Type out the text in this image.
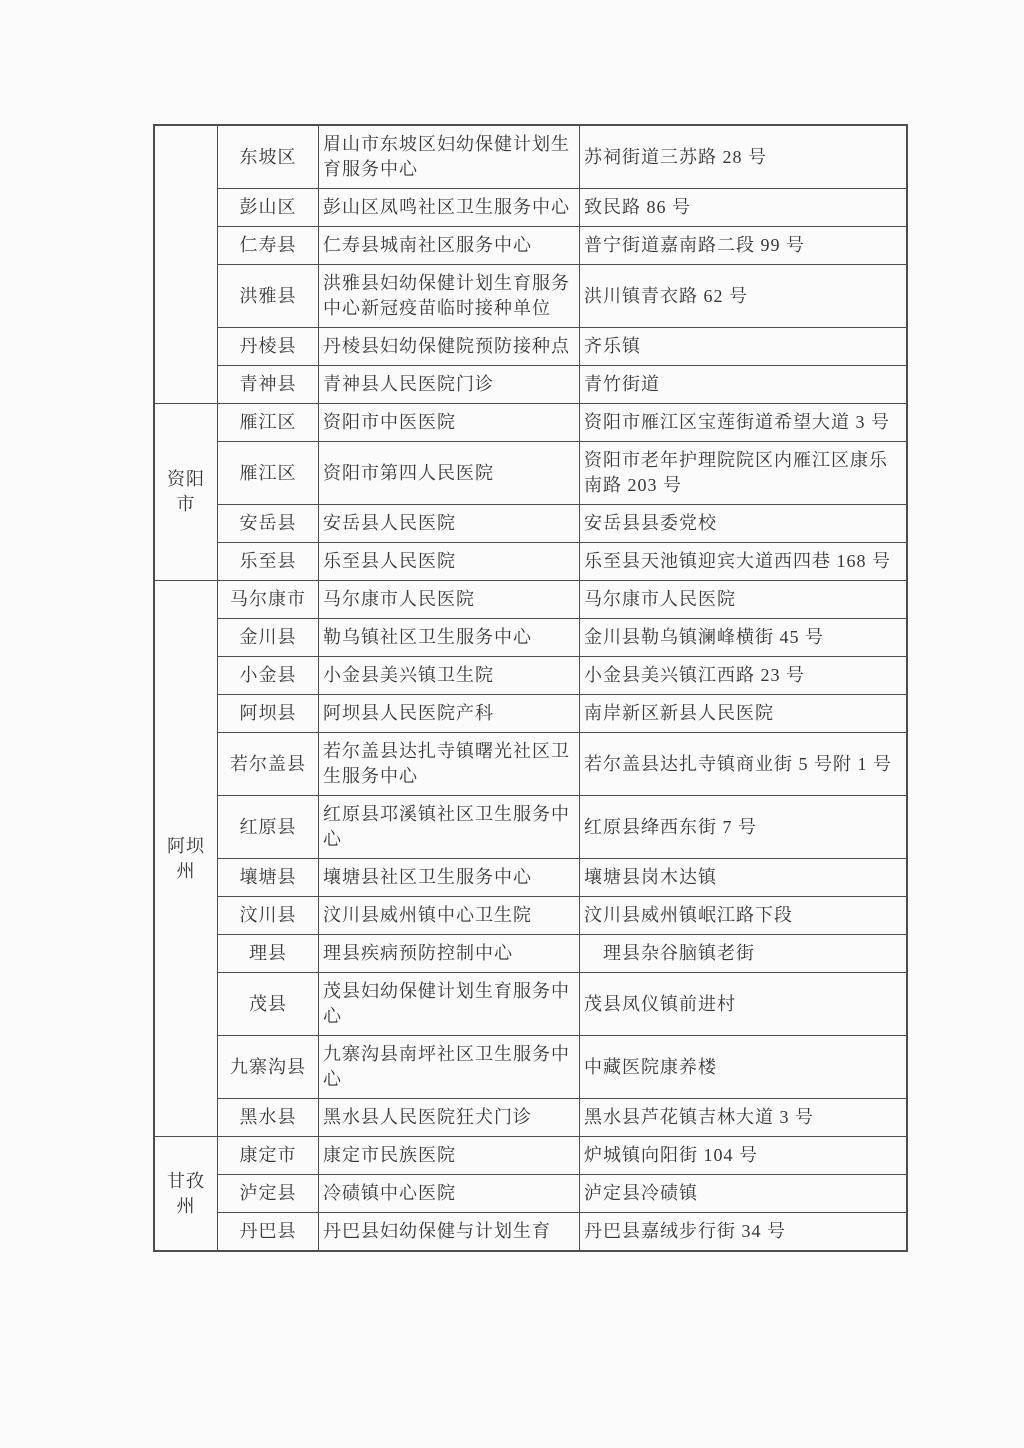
	东坡区	眉山市东坡区妇幼保健计划生育服务中心	苏祠街道三苏路 28 号
	彭山区	彭山区凤鸣社区卫生服务中心	致民路 86 号
	仁寿县	仁寿县城南社区服务中心	普宁街道嘉南路二段 99 号
	洪雅县	洪雅县妇幼保健计划生育服务中心新冠疫苗临时接种单位	洪川镇青衣路 62 号
	丹棱县	丹棱县妇幼保健院预防接种点	齐乐镇
	青神县	青神县人民医院门诊	青竹街道
资阳市	雁江区	资阳市中医医院	资阳市雁江区宝莲街道希望大道 3 号
	雁江区	资阳市第四人民医院	资阳市老年护理院院区内雁江区康乐南路 203 号
	安岳县	安岳县人民医院	安岳县县委党校
	乐至县	乐至县人民医院	乐至县天池镇迎宾大道西四巷 168 号
阿坝州	马尔康市	马尔康市人民医院	马尔康市人民医院
	金川县	勒乌镇社区卫生服务中心	金川县勒乌镇澜峰横街 45 号
	小金县	小金县美兴镇卫生院	小金县美兴镇江西路 23 号
	阿坝县	阿坝县人民医院产科	南岸新区新县人民医院
	若尔盖县	若尔盖县达扎寺镇曙光社区卫生服务中心	若尔盖县达扎寺镇商业街 5 号附 1 号
	红原县	红原县邛溪镇社区卫生服务中心	红原县绛西东街 7 号
	壤塘县	壤塘县社区卫生服务中心	壤塘县岗木达镇
	汶川县	汶川县威州镇中心卫生院	汶川县威州镇岷江路下段
	理县	理县疾病预防控制中心	　理县杂谷脑镇老街
	茂县	茂县妇幼保健计划生育服务中心	茂县凤仪镇前进村
	九寨沟县	九寨沟县南坪社区卫生服务中心	中藏医院康养楼
	黑水县	黑水县人民医院狂犬门诊	黑水县芦花镇吉林大道 3 号
甘孜州	康定市	康定市民族医院	炉城镇向阳街 104 号
	泸定县	冷碛镇中心医院	泸定县冷碛镇
	丹巴县	丹巴县妇幼保健与计划生育	丹巴县嘉绒步行街 34 号
